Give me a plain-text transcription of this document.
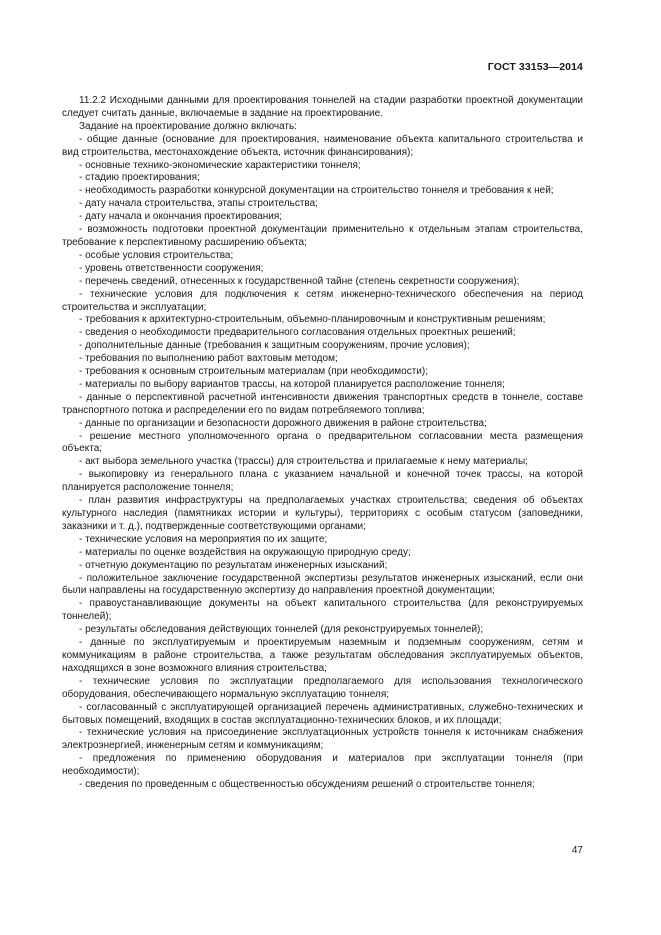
ГОСТ 33153—2014

11.2.2 Исходными данными для проектирования тоннелей на стадии разработки проектной документации следует считать данные, включаемые в задание на проектирование.

Задание на проектирование должно включать:

- общие данные (основание для проектирования, наименование объекта капитального строительства и вид строительства, местонахождение объекта, источник финансирования);

- основные технико-экономические характеристики тоннеля;

- стадию проектирования;

- необходимость разработки конкурсной документации на строительство тоннеля и требования к ней;

- дату начала строительства, этапы строительства;

- дату начала и окончания проектирования;

- возможность подготовки проектной документации применительно к отдельным этапам строительства, требование к перспективному расширению объекта;

- особые условия строительства;

- уровень ответственности сооружения;

- перечень сведений, отнесенных к государственной тайне (степень секретности сооружения);

- технические условия для подключения к сетям инженерно-технического обеспечения на период строительства и эксплуатации;

- требования к архитектурно-строительным, объемно-планировочным и конструктивным решениям;

- сведения о необходимости предварительного согласования отдельных проектных решений;

- дополнительные данные (требования к защитным сооружениям, прочие условия);

- требования по выполнению работ вахтовым методом;

- требования к основным строительным материалам (при необходимости);

- материалы по выбору вариантов трассы, на которой планируется расположение тоннеля;

- данные о перспективной расчетной интенсивности движения транспортных средств в тоннеле, составе транспортного потока и распределении его по видам потребляемого топлива;

- данные по организации и безопасности дорожного движения в районе строительства;

- решение местного уполномоченного органа о предварительном согласовании места размещения объекта;

- акт выбора земельного участка (трассы) для строительства и прилагаемые к нему материалы;

- выкопировку из генерального плана с указанием начальной и конечной точек трассы, на которой планируется расположение тоннеля;

- план развития инфраструктуры на предполагаемых участках строительства; сведения об объектах культурного наследия (памятниках истории и культуры), территориях с особым статусом (заповедники, заказники и т. д.), подтвержденные соответствующими органами;

- технические условия на мероприятия по их защите;

- материалы по оценке воздействия на окружающую природную среду;

- отчетную документацию по результатам инженерных изысканий;

- положительное заключение государственной экспертизы результатов инженерных изысканий, если они были направлены на государственную экспертизу до направления проектной документации;

- правоустанавливающие документы на объект капитального строительства (для реконструируемых тоннелей);

- результаты обследования действующих тоннелей (для реконструируемых тоннелей);

- данные по эксплуатируемым и проектируемым наземным и подземным сооружениям, сетям и коммуникациям в районе строительства, а также результатам обследования эксплуатируемых объектов, находящихся в зоне возможного влияния строительства;

- технические условия по эксплуатации предполагаемого для использования технологического оборудования, обеспечивающего нормальную эксплуатацию тоннеля;

- согласованный с эксплуатирующей организацией перечень административных, служебно-технических и бытовых помещений, входящих в состав эксплуатационно-технических блоков, и их площади;

- технические условия на присоединение эксплуатационных устройств тоннеля к источникам снабжения электроэнергией, инженерным сетям и коммуникациям;

- предложения по применению оборудования и материалов при эксплуатации тоннеля (при необходимости);

- сведения по проведенным с общественностью обсуждениям решений о строительстве тоннеля;

47
